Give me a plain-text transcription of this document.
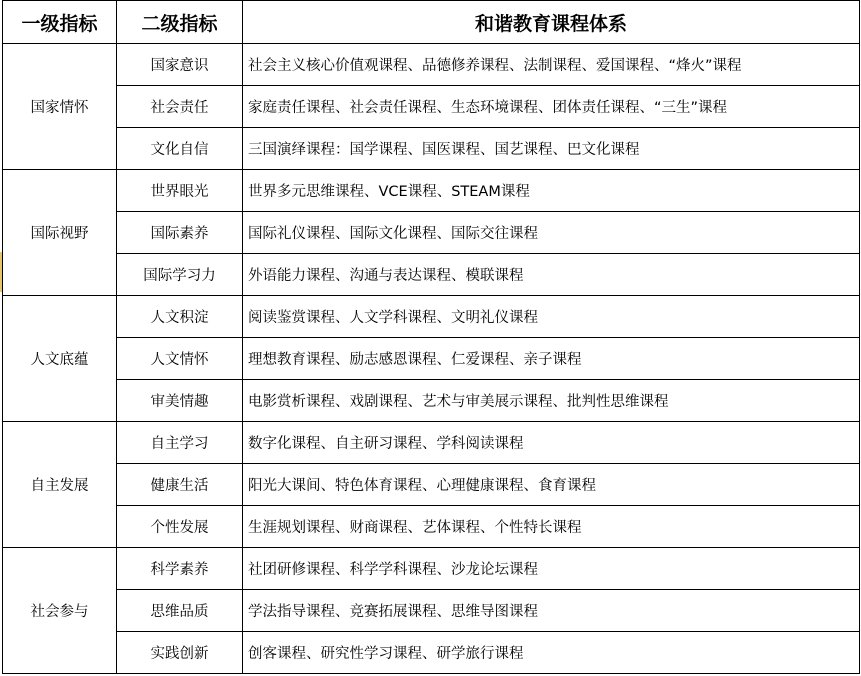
一级指标	二级指标	和谐教育课程体系
国家情怀	国家意识	社会主义核心价值观课程、品德修养课程、法制课程、爱国课程、“烽火”课程
	社会责任	家庭责任课程、社会责任课程、生态环境课程、团体责任课程、“三生”课程
	文化自信	三国演绎课程：国学课程、国医课程、国艺课程、巴文化课程
国际视野	世界眼光	世界多元思维课程、VCE课程、STEAM课程
	国际素养	国际礼仪课程、国际文化课程、国际交往课程
	国际学习力	外语能力课程、沟通与表达课程、模联课程
人文底蕴	人文积淀	阅读鉴赏课程、人文学科课程、文明礼仪课程
	人文情怀	理想教育课程、励志感恩课程、仁爱课程、亲子课程
	审美情趣	电影赏析课程、戏剧课程、艺术与审美展示课程、批判性思维课程
自主发展	自主学习	数字化课程、自主研习课程、学科阅读课程
	健康生活	阳光大课间、特色体育课程、心理健康课程、食育课程
	个性发展	生涯规划课程、财商课程、艺体课程、个性特长课程
社会参与	科学素养	社团研修课程、科学学科课程、沙龙论坛课程
	思维品质	学法指导课程、竞赛拓展课程、思维导图课程
	实践创新	创客课程、研究性学习课程、研学旅行课程
